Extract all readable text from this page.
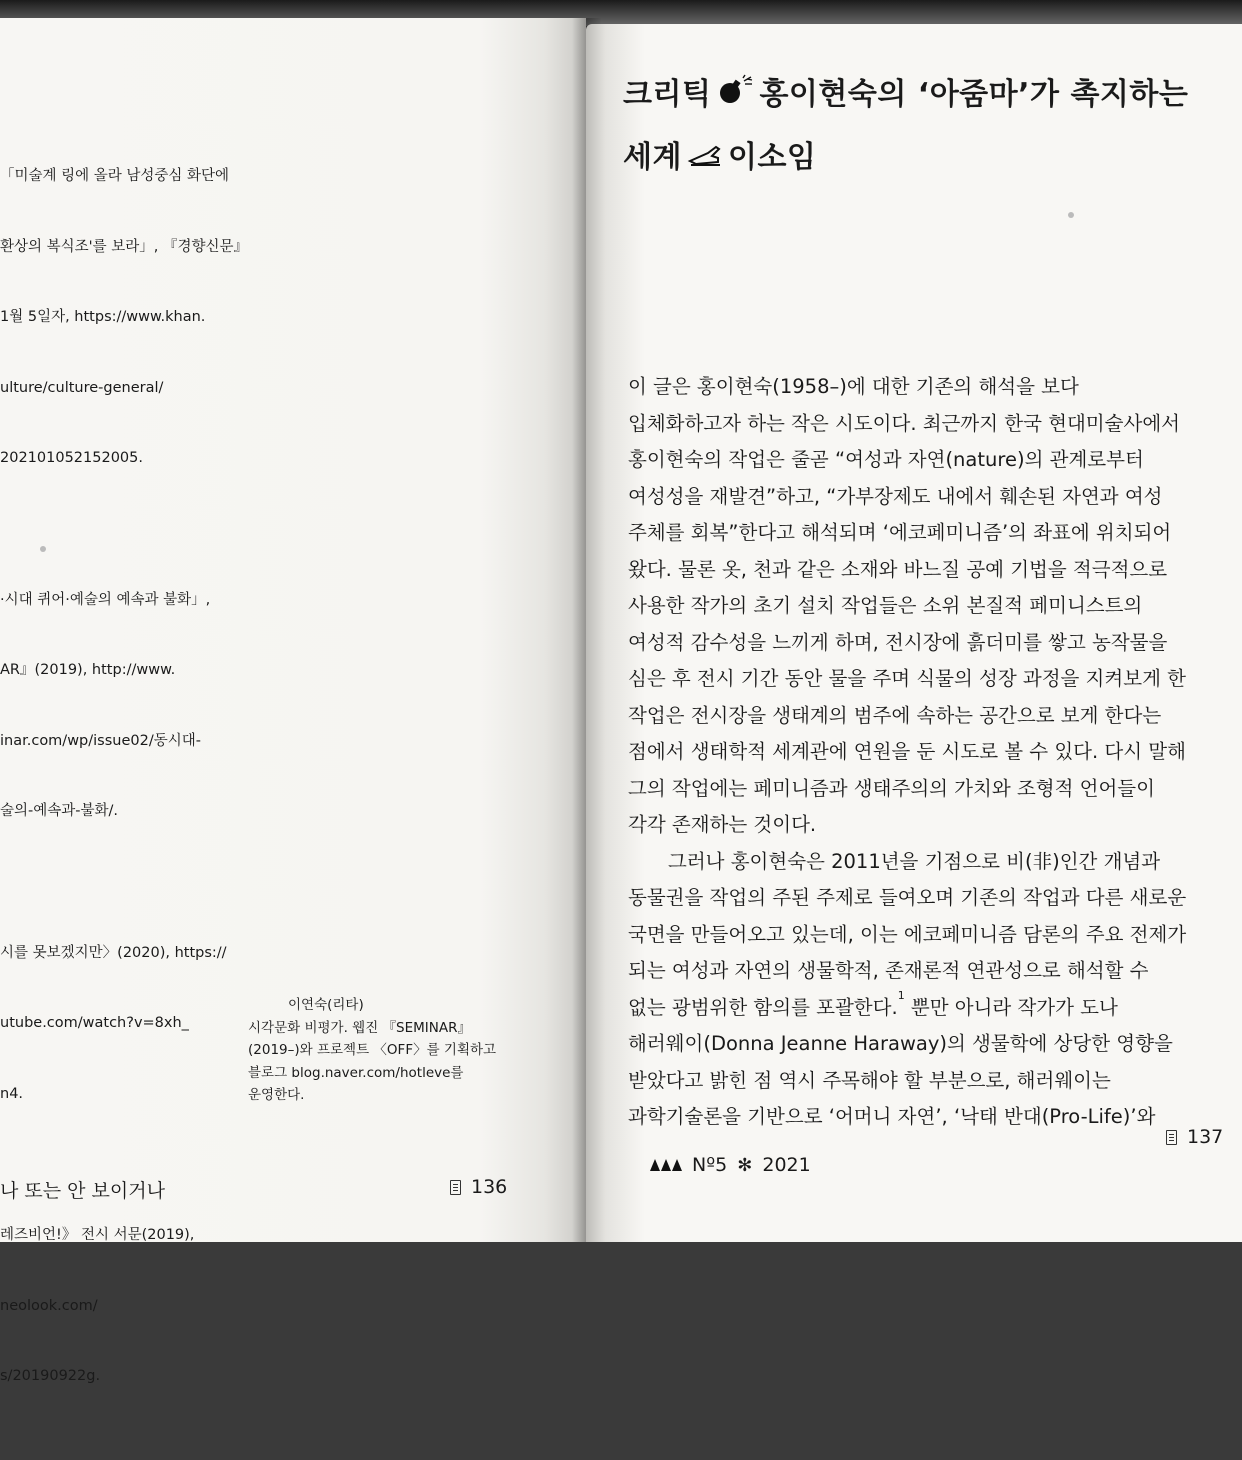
「미술계 링에 올라 남성중심 화단에

환상의 복식조'를 보라」, 『경향신문』

1월 5일자, https://www.khan.

ulture/culture-general/

202101052152005.

·시대 퀴어·예술의 예속과 불화」,

AR』(2019), http://www.

inar.com/wp/issue02/동시대-

술의-예속과-불화/.

시를 못보겠지만〉(2020), https://

utube.com/watch?v=8xh_

n4.

레즈비언!》 전시 서문(2019),

neolook.com/

s/20190922g.

이연숙(리타)
시각문화 비평가. 웹진 『SEMINAR』
(2019–)와 프로젝트 〈OFF〉를 기획하고
블로그 blog.naver.com/hotleve를
운영한다.
나 또는 안 보이거나	136
크리틱 홍이현숙의 ‘아줌마’가 촉지하는
세계 이소임
이 글은 홍이현숙(1958–)에 대한 기존의 해석을 보다
입체화하고자 하는 작은 시도이다. 최근까지 한국 현대미술사에서
홍이현숙의 작업은 줄곧 “여성과 자연(nature)의 관계로부터
여성성을 재발견”하고, “가부장제도 내에서 훼손된 자연과 여성
주체를 회복”한다고 해석되며 ‘에코페미니즘’의 좌표에 위치되어
왔다. 물론 옷, 천과 같은 소재와 바느질 공예 기법을 적극적으로
사용한 작가의 초기 설치 작업들은 소위 본질적 페미니스트의
여성적 감수성을 느끼게 하며, 전시장에 흙더미를 쌓고 농작물을
심은 후 전시 기간 동안 물을 주며 식물의 성장 과정을 지켜보게 한
작업은 전시장을 생태계의 범주에 속하는 공간으로 보게 한다는
점에서 생태학적 세계관에 연원을 둔 시도로 볼 수 있다. 다시 말해
그의 작업에는 페미니즘과 생태주의의 가치와 조형적 언어들이
각각 존재하는 것이다.
그러나 홍이현숙은 2011년을 기점으로 비(非)인간 개념과
동물권을 작업의 주된 주제로 들여오며 기존의 작업과 다른 새로운
국면을 만들어오고 있는데, 이는 에코페미니즘 담론의 주요 전제가
되는 여성과 자연의 생물학적, 존재론적 연관성으로 해석할 수
없는 광범위한 함의를 포괄한다.$^1$ 뿐만 아니라 작가가 도나
해러웨이(Donna Jeanne Haraway)의 생물학에 상당한 영향을
받았다고 밝힌 점 역시 주목해야 할 부분으로, 해러웨이는
과학기술론을 기반으로 ‘어머니 자연’, ‘낙태 반대(Pro-Life)’와
Nº5 ✻ 2021
137
